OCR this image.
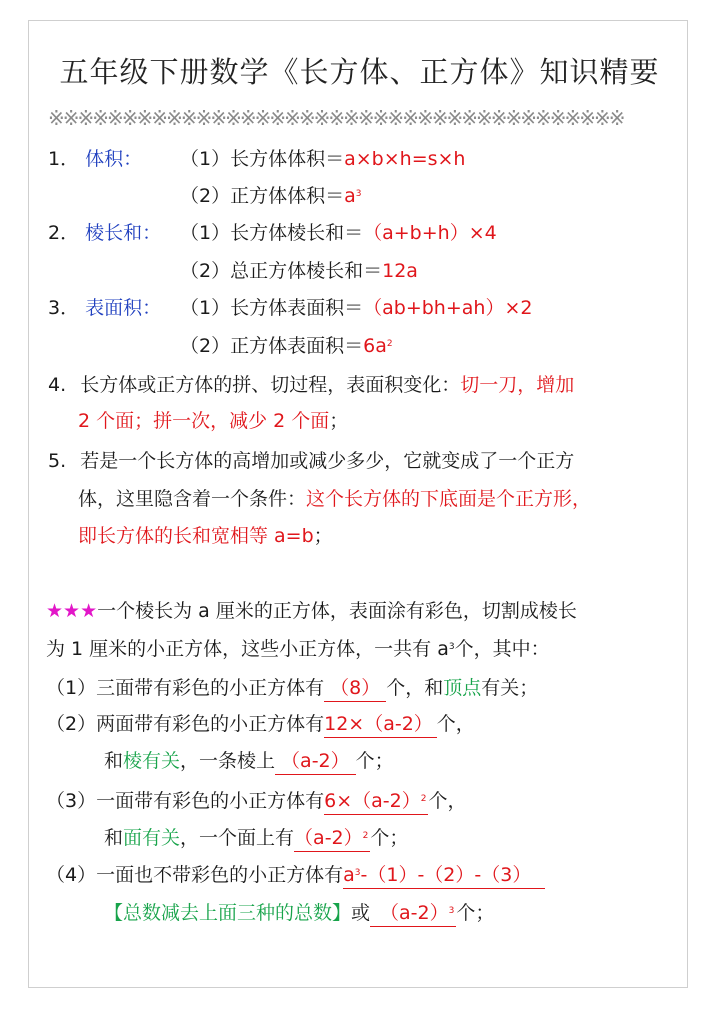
五年级下册数学《长方体、正方体》知识精要
※※※※※※※※※※※※※※※※※※※※※※※※※※※※※※※※※※※※※※※
1． 体积： （1）长方体体积＝a×b×h=s×h
（2）正方体体积$=a^3$
2． 棱长和： （1）长方体棱长和＝（a+b+h）×4
（2）总正方体棱长和＝12a
3． 表面积： （1）长方体表面积＝（ab+bh+ah）×2
（2）正方体表面积$=6a^2$
4. 长方体或正方体的拼、切过程，表面积变化：切一刀，增加
2 个面；拼一次，减少 2 个面；
5. 若是一个长方体的高增加或减少多少，它就变成了一个正方
体，这里隐含着一个条件：这个长方体的下底面是个正方形，
即长方体的长和宽相等 a=b；
★★★一个棱长为 a 厘米的正方体，表面涂有彩色，切割成棱长
为 1 厘米的小正方体，这些小正方体，一共有 $a^3$个，其中：
（1）三面带有彩色的小正方体有 （8） 个，和顶点有关；
（2）两面带有彩色的小正方体有12×（a-2） 个，
和棱有关，一条棱上 （a-2） 个；
（3）一面带有彩色的小正方体有$6\times(a-2)^2$ 个，
和面有关，一个面上有$(a-2)^2$ 个；
（4）一面也不带彩色的小正方体有$a^3-(1)-(2)-(3)$
【总数减去上面三种的总数】或 $(a-2)^3$ 个；
